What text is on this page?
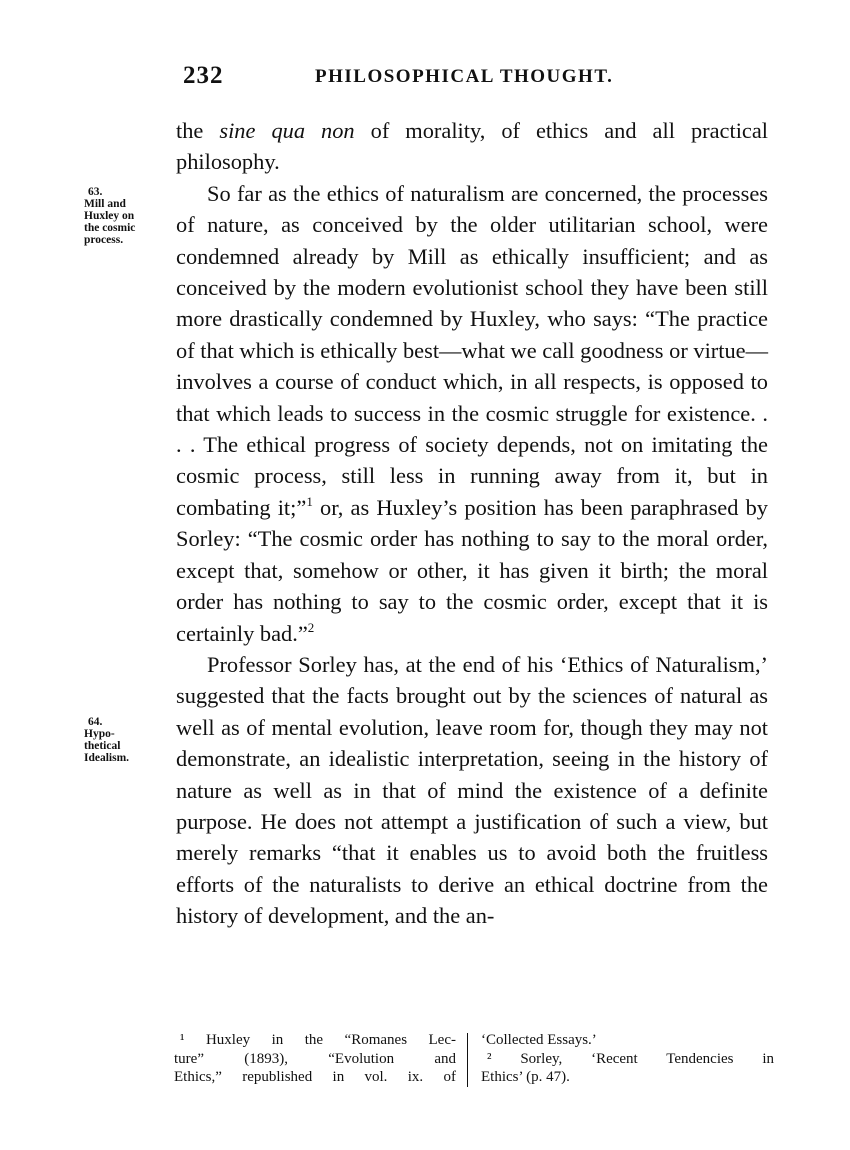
232	PHILOSOPHICAL THOUGHT.
63.
Mill and
Huxley on
the cosmic
process.
64.
Hypo-
thetical
Idealism.

the sine qua non of morality, of ethics and all practical philosophy.

So far as the ethics of naturalism are concerned, the processes of nature, as conceived by the older utilitarian school, were condemned already by Mill as ethically insufficient; and as conceived by the modern evolutionist school they have been still more drastically condemned by Huxley, who says: “The practice of that which is ethically best—what we call goodness or virtue—involves a course of conduct which, in all respects, is opposed to that which leads to success in the cosmic struggle for existence. . . . The ethical progress of society depends, not on imitating the cosmic process, still less in running away from it, but in combating it;”$^1$ or, as Huxley’s position has been paraphrased by Sorley: “The cosmic order has nothing to say to the moral order, except that, somehow or other, it has given it birth; the moral order has nothing to say to the cosmic order, except that it is certainly bad.”$^2$

Professor Sorley has, at the end of his ‘Ethics of Naturalism,’ suggested that the facts brought out by the sciences of natural as well as of mental evolution, leave room for, though they may not demonstrate, an idealistic interpretation, seeing in the history of nature as well as in that of mind the existence of a definite purpose. He does not attempt a justification of such a view, but merely remarks “that it enables us to avoid both the fruitless efforts of the naturalists to derive an ethical doctrine from the history of development, and the an-

¹ Huxley in the “Romanes Lec-
ture” (1893), “Evolution and
Ethics,” republished in vol. ix. of
‘Collected Essays.’
² Sorley, ‘Recent Tendencies in
Ethics’ (p. 47).
